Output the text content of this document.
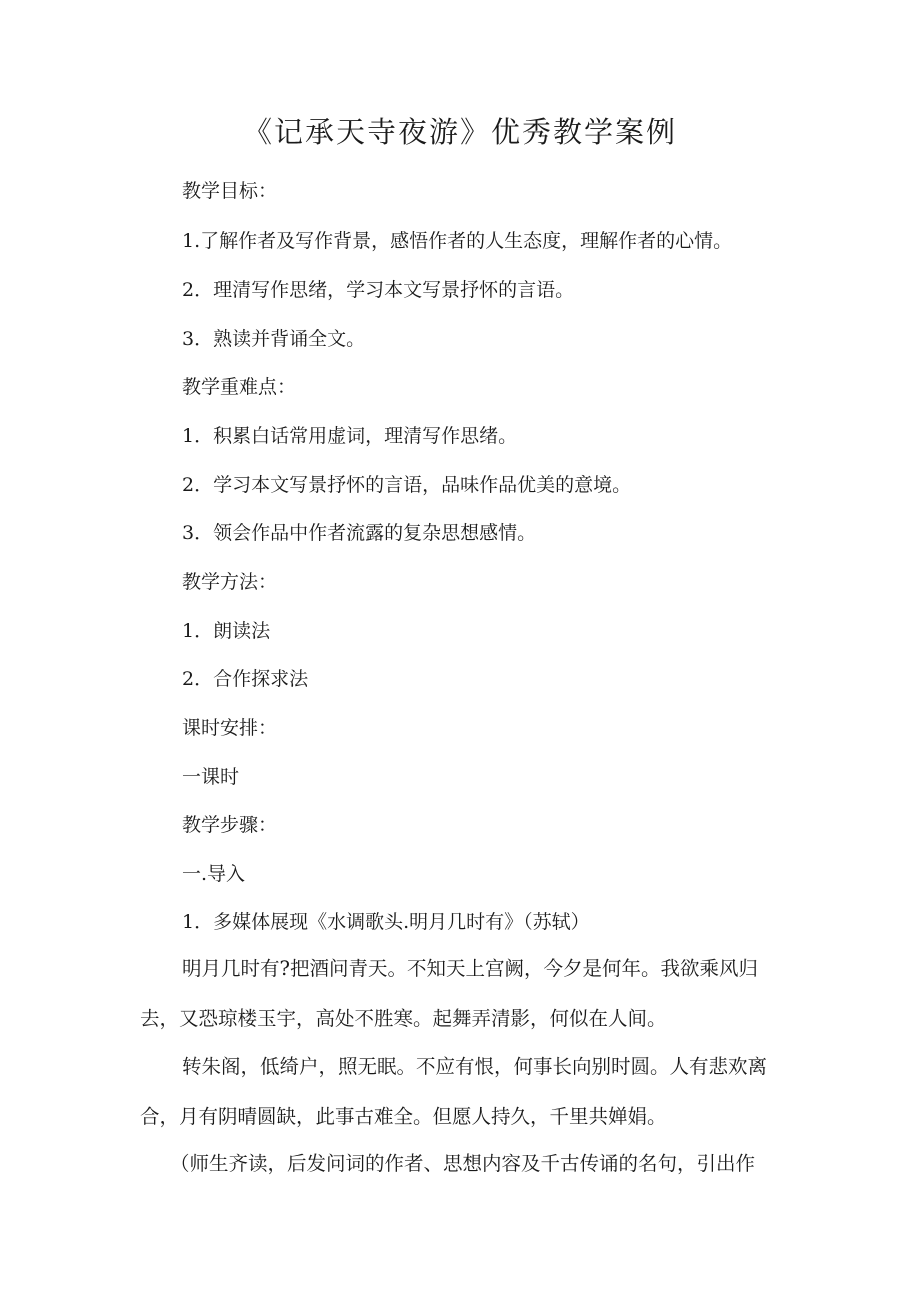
《记承天寺夜游》优秀教学案例
教学目标：
1.了解作者及写作背景，感悟作者的人生态度，理解作者的心情。
2．理清写作思绪，学习本文写景抒怀的言语。
3．熟读并背诵全文。
教学重难点：
1．积累白话常用虚词，理清写作思绪。
2．学习本文写景抒怀的言语，品味作品优美的意境。
3．领会作品中作者流露的复杂思想感情。
教学方法：
1．朗读法
2．合作探求法
课时安排：
一课时
教学步骤：
一.导入
1．多媒体展现《水调歌头.明月几时有》（苏轼）
明月几时有?把酒问青天。不知天上宫阙，今夕是何年。我欲乘风归去，又恐琼楼玉宇，高处不胜寒。起舞弄清影，何似在人间。
转朱阁，低绮户，照无眠。不应有恨，何事长向别时圆。人有悲欢离合，月有阴晴圆缺，此事古难全。但愿人持久，千里共婵娟。
（师生齐读，后发问词的作者、思想内容及千古传诵的名句，引出作
